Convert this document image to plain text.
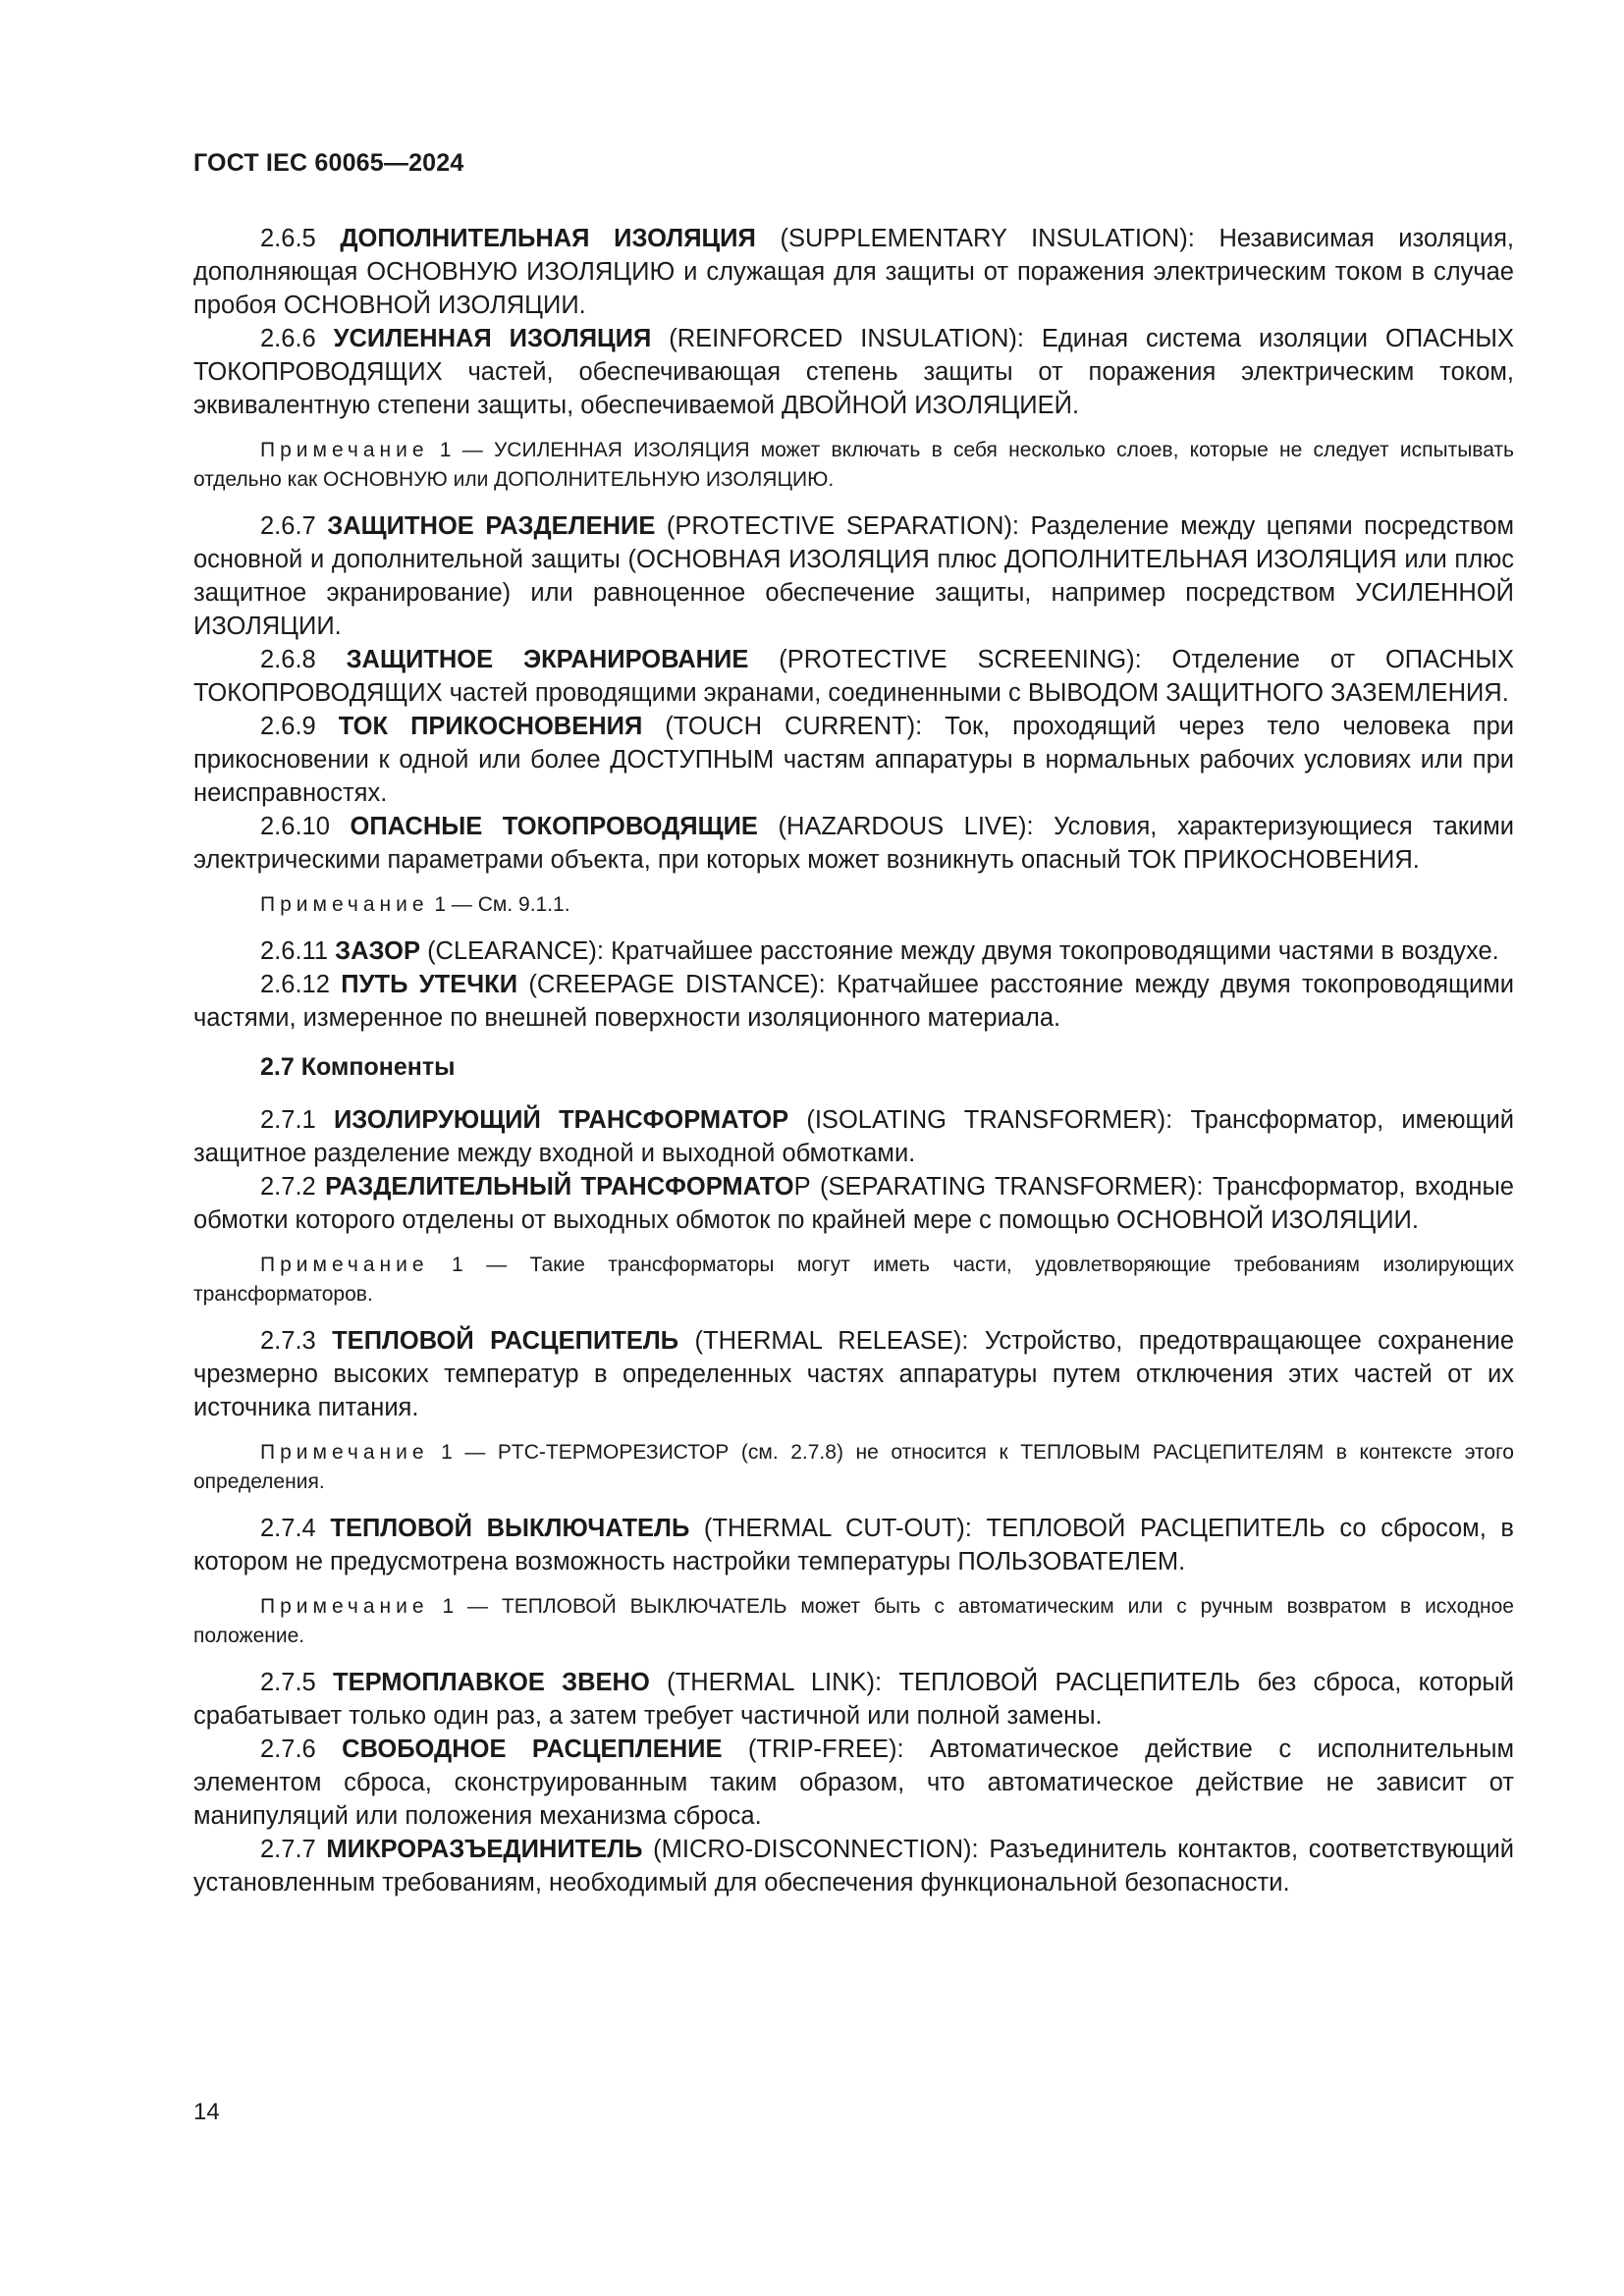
ГОСТ IEC 60065—2024

2.6.5 ДОПОЛНИТЕЛЬНАЯ ИЗОЛЯЦИЯ (SUPPLEMENTARY INSULATION): Независимая изоляция, дополняющая ОСНОВНУЮ ИЗОЛЯЦИЮ и служащая для защиты от поражения электрическим током в случае пробоя ОСНОВНОЙ ИЗОЛЯЦИИ.

2.6.6 УСИЛЕННАЯ ИЗОЛЯЦИЯ (REINFORCED INSULATION): Единая система изоляции ОПАСНЫХ ТОКОПРОВОДЯЩИХ частей, обеспечивающая степень защиты от поражения электрическим током, эквивалентную степени защиты, обеспечиваемой ДВОЙНОЙ ИЗОЛЯЦИЕЙ.

Примечание 1 — УСИЛЕННАЯ ИЗОЛЯЦИЯ может включать в себя несколько слоев, которые не следует испытывать отдельно как ОСНОВНУЮ или ДОПОЛНИТЕЛЬНУЮ ИЗОЛЯЦИЮ.

2.6.7 ЗАЩИТНОЕ РАЗДЕЛЕНИЕ (PROTECTIVE SEPARATION): Разделение между цепями посредством основной и дополнительной защиты (ОСНОВНАЯ ИЗОЛЯЦИЯ плюс ДОПОЛНИТЕЛЬНАЯ ИЗОЛЯЦИЯ или плюс защитное экранирование) или равноценное обеспечение защиты, например посредством УСИЛЕННОЙ ИЗОЛЯЦИИ.

2.6.8 ЗАЩИТНОЕ ЭКРАНИРОВАНИЕ (PROTECTIVE SCREENING): Отделение от ОПАСНЫХ ТОКОПРОВОДЯЩИХ частей проводящими экранами, соединенными с ВЫВОДОМ ЗАЩИТНОГО ЗАЗЕМЛЕНИЯ.

2.6.9 ТОК ПРИКОСНОВЕНИЯ (TOUCH CURRENT): Ток, проходящий через тело человека при прикосновении к одной или более ДОСТУПНЫМ частям аппаратуры в нормальных рабочих условиях или при неисправностях.

2.6.10 ОПАСНЫЕ ТОКОПРОВОДЯЩИЕ (HAZARDOUS LIVE): Условия, характеризующиеся такими электрическими параметрами объекта, при которых может возникнуть опасный ТОК ПРИКОСНОВЕНИЯ.

Примечание 1 — См. 9.1.1.

2.6.11 ЗАЗОР (CLEARANCE): Кратчайшее расстояние между двумя токопроводящими частями в воздухе.

2.6.12 ПУТЬ УТЕЧКИ (CREEPAGE DISTANCE): Кратчайшее расстояние между двумя токопроводящими частями, измеренное по внешней поверхности изоляционного материала.

2.7 Компоненты

2.7.1 ИЗОЛИРУЮЩИЙ ТРАНСФОРМАТОР (ISOLATING TRANSFORMER): Трансформатор, имеющий защитное разделение между входной и выходной обмотками.

2.7.2 РАЗДЕЛИТЕЛЬНЫЙ ТРАНСФОРМАТОР (SEPARATING TRANSFORMER): Трансформатор, входные обмотки которого отделены от выходных обмоток по крайней мере с помощью ОСНОВНОЙ ИЗОЛЯЦИИ.

Примечание 1 — Такие трансформаторы могут иметь части, удовлетворяющие требованиям изолирующих трансформаторов.

2.7.3 ТЕПЛОВОЙ РАСЦЕПИТЕЛЬ (THERMAL RELEASE): Устройство, предотвращающее сохранение чрезмерно высоких температур в определенных частях аппаратуры путем отключения этих частей от их источника питания.

Примечание 1 — PTC-ТЕРМОРЕЗИСТОР (см. 2.7.8) не относится к ТЕПЛОВЫМ РАСЦЕПИТЕЛЯМ в контексте этого определения.

2.7.4 ТЕПЛОВОЙ ВЫКЛЮЧАТЕЛЬ (THERMAL CUT-OUT): ТЕПЛОВОЙ РАСЦЕПИТЕЛЬ со сбросом, в котором не предусмотрена возможность настройки температуры ПОЛЬЗОВАТЕЛЕМ.

Примечание 1 — ТЕПЛОВОЙ ВЫКЛЮЧАТЕЛЬ может быть с автоматическим или с ручным возвратом в исходное положение.

2.7.5 ТЕРМОПЛАВКОЕ ЗВЕНО (THERMAL LINK): ТЕПЛОВОЙ РАСЦЕПИТЕЛЬ без сброса, который срабатывает только один раз, а затем требует частичной или полной замены.

2.7.6 СВОБОДНОЕ РАСЦЕПЛЕНИЕ (TRIP-FREE): Автоматическое действие с исполнительным элементом сброса, сконструированным таким образом, что автоматическое действие не зависит от манипуляций или положения механизма сброса.

2.7.7 МИКРОРАЗЪЕДИНИТЕЛЬ (MICRO-DISCONNECTION): Разъединитель контактов, соответствующий установленным требованиям, необходимый для обеспечения функциональной безопасности.

14
